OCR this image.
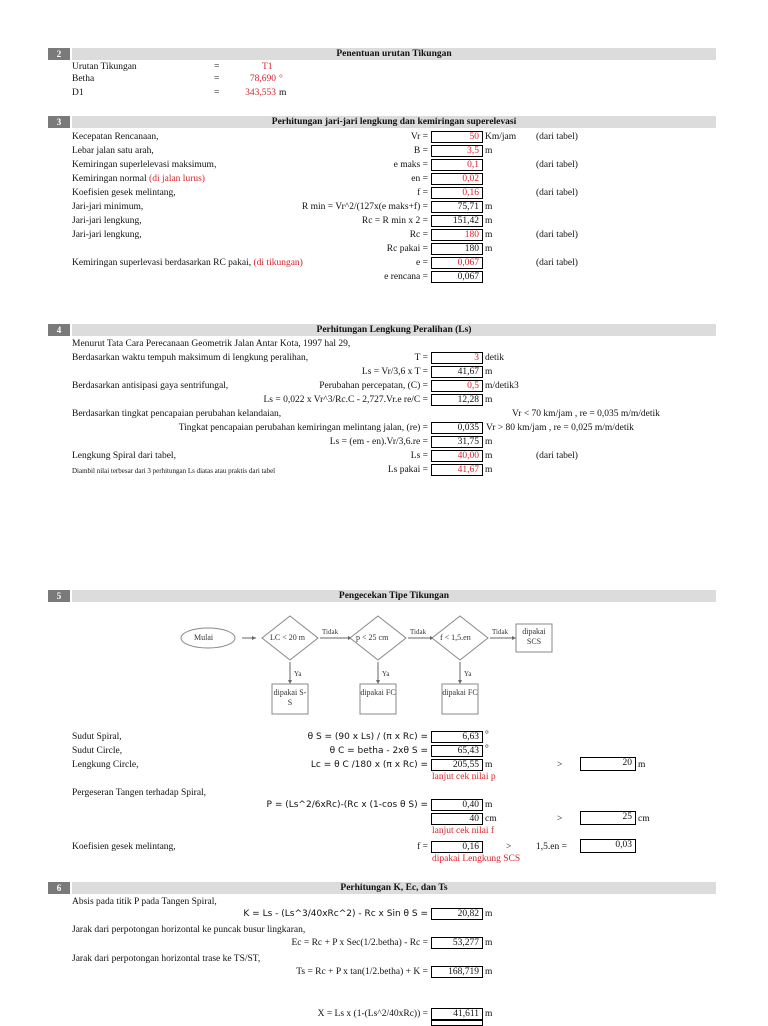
2	Penentuan urutan Tikungan
Urutan Tikungan	=	T1
Betha	=	78,690 °
D1	=	343,553 m
3	Perhitungan jari-jari lengkung dan kemiringan superelevasi
Kecepatan Rencanaan,	Vr =	50 Km/jam (dari tabel)
Lebar jalan satu arah,	B =	3,5 m
Kemiringan superlelevasi maksimum,	e maks =	0,1	(dari tabel)
Kemiringan normal (di jalan lurus)	en =	0,02
Koefisien gesek melintang,	f =	0,16	(dari tabel)
Jari-jari minimum,	R min = Vr^2/(127x(e maks+f) =	75,71 m
Jari-jari lengkung,	Rc = R min x 2 =	151,42 m
Jari-jari lengkung,	Rc =	180 m	(dari tabel)
Rc pakai =	180 m
Kemiringan superlevasi berdasarkan RC pakai, (di tikungan)	e =	0,067	(dari tabel)
e rencana =	0,067
4	Perhitungan Lengkung Peralihan (Ls)
Menurut Tata Cara Perecanaan Geometrik Jalan Antar Kota, 1997 hal 29,
Berdasarkan waktu tempuh maksimum di lengkung peralihan,	T =	3 detik
Ls = Vr/3,6 x T =	41,67 m
Berdasarkan antisipasi gaya sentrifungal,	Perubahan percepatan, (C) =	0,5 m/detik3
Ls = 0,022 x Vr^3/Rc.C - 2,727.Vr.e re/C =	12,28 m
Berdasarkan tingkat pencapaian perubahan kelandaian,	Vr < 70 km/jam , re = 0,035 m/m/detik
Tingkat pencapaian perubahan kemiringan melintang jalan, (re) =	0,035 Vr > 80 km/jam , re = 0,025 m/m/detik
Ls = (em - en).Vr/3,6.re =	31,75 m
Lengkung Spiral dari tabel,	Ls =	40,00 m	(dari tabel)
Diambil nilai terbesar dari 3 perhitungan Ls diatas atau praktis dari tabel	Ls pakai =	41,67 m
5	Pengecekan Tipe Tikungan
Mulai	LC < 20 m	p < 25 cm	f < 1,5.en
Tidak	Tidak	Tidak
Ya	Ya	Ya
dipakai SCS
dipakai S-S
dipakai FC	dipakai FC
Sudut Spiral,	θ S = (90 x Ls) / (π x Rc) =	6,63 °
Sudut Circle,	θ C = betha - 2xθ S =	65,43 °
Lengkung Circle,	Lc = θ C /180 x (π x Rc) =	205,55 m	>	20 m
lanjut cek nilai p
Pergeseran Tangen terhadap Spiral,
P = (Ls^2/6xRc)-(Rc x (1-cos θ S) =	0,40 m
40 cm	>	25 cm
lanjut cek nilai f
Koefisien gesek melintang,	f =	0,16	>	1,5.en =	0,03
dipakai Lengkung SCS
6	Perhitungan K, Ec, dan Ts
Absis pada titik P pada Tangen Spiral,
K = Ls - (Ls^3/40xRc^2) - Rc x Sin θ S =	20,82 m
Jarak dari perpotongan horizontal ke puncak busur lingkaran,
Ec = Rc + P x Sec(1/2.betha) - Rc =	53,277 m
Jarak dari perpotongan horizontal trase ke TS/ST,
Ts = Rc + P x tan(1/2.betha) + K =	168,719 m
X = Ls x (1-(Ls^2/40xRc)) =	41,611 m
